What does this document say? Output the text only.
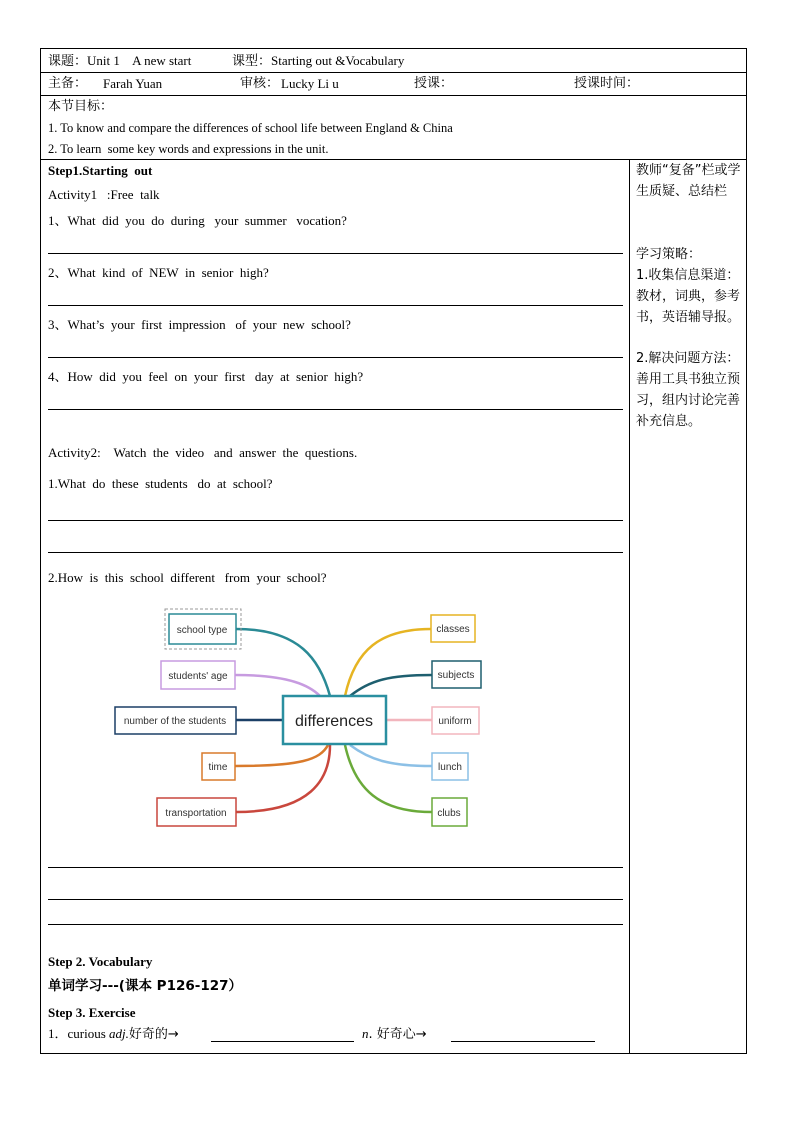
课题：Unit 1    A new start	课型：Starting out &Vocabulary
主备： Farah Yuan	审核： Lucky Li u	授课：	授课时间：
本节目标：
1. To know and compare the differences of school life between England & China
2. To learn  some key words and expressions in the unit.
教师“复备”栏或学生质疑、总结栏
学习策略：
1.收集信息渠道：教材，词典，参考书，英语辅导报。
2.解决问题方法：善用工具书独立预习，组内讨论完善补充信息。
Step1.Starting  out
Activity1   :Free  talk
1、What  did  you  do  during   your  summer   vocation?
2、What  kind  of  NEW  in  senior  high?
3、What’s  your  first  impression   of  your  new  school?
4、How  did  you  feel  on  your  first   day  at  senior  high?
Activity2:    Watch  the  video   and  answer  the  questions.
1.What  do  these  students   do  at  school?
2.How  is  this  school  different   from  your  school?
school type
students' age
number of the students
time
transportation
classes
subjects
uniform
lunch
clubs
differences
Step 2. Vocabulary
单词学习---(课本 P126-127）
Step 3. Exercise
1．curious adj.好奇的→	n. 好奇心→
